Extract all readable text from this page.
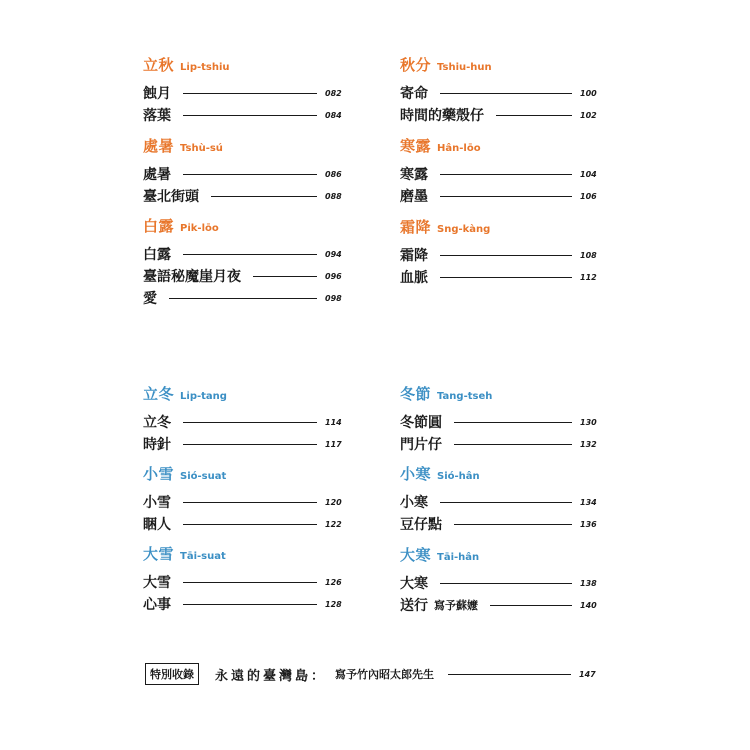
立秋 Li̍p-tshiu
蝕月	082
落葉	084
秋分 Tshiu-hun
寄命	100
時間的藥殼仔	102
處暑 Tshù-sú
處暑	086
臺北街頭	088
寒露 Hân-lōo
寒露	104
磨墨	106
白露 Pi̍k-lōo
白露	094
臺語秘魔崖月夜	096
愛	098
霜降 Sng-kàng
霜降	108
血脈	112
立冬 Li̍p-tang
立冬	114
時針	117
冬節 Tang-tseh
冬節圓	130
門片仔	132
小雪 Sió-suat
小雪	120
睏人	122
小寒 Sió-hân
小寒	134
豆仔點	136
大雪 Tāi-suat
大雪	126
心事	128
大寒 Tāi-hân
大寒	138
送行 寫予蘇嬤	140
特別收錄	永遠的臺灣島： 寫予竹內昭太郎先生	147
